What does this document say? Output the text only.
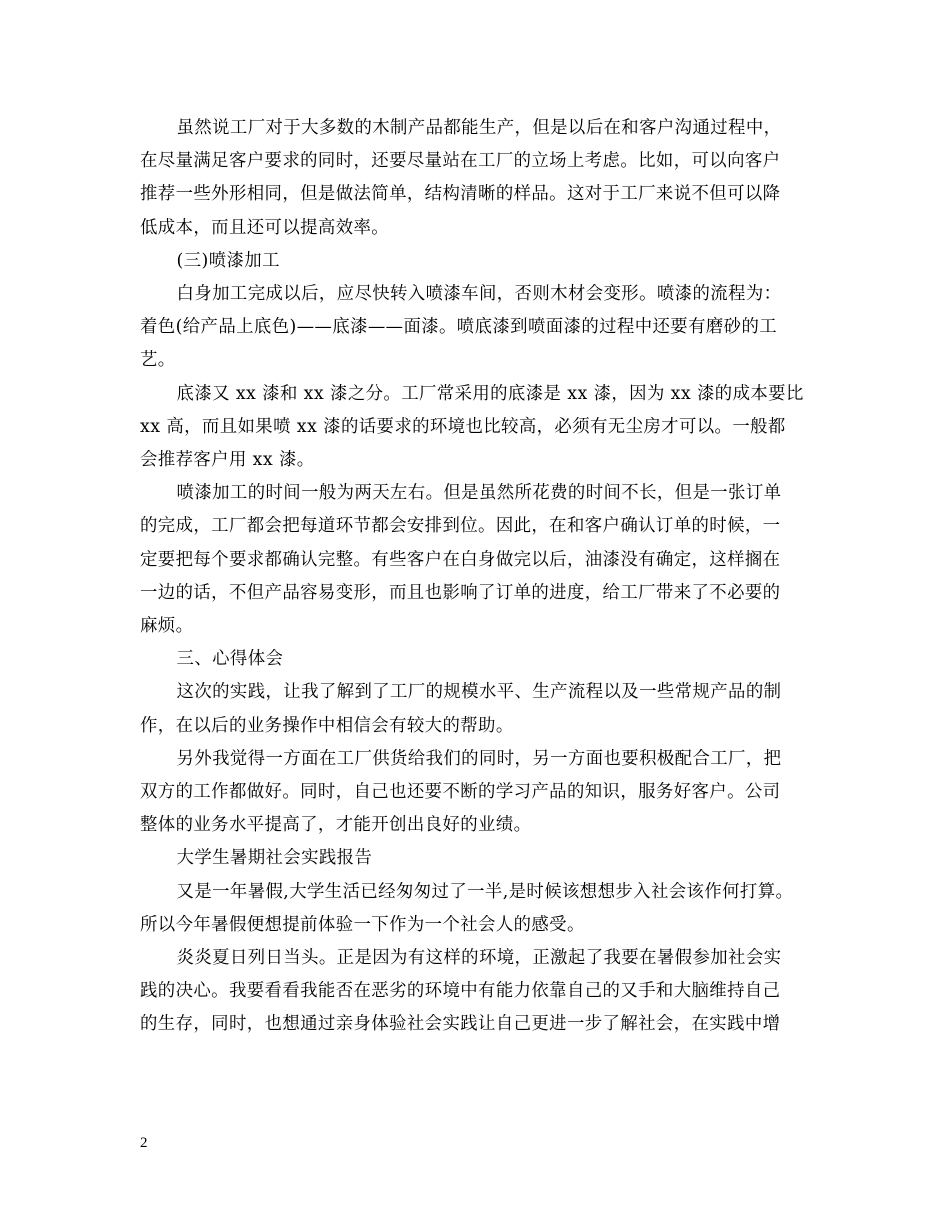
虽然说工厂对于大多数的木制产品都能生产，但是以后在和客户沟通过程中，
在尽量满足客户要求的同时，还要尽量站在工厂的立场上考虑。比如，可以向客户
推荐一些外形相同，但是做法简单，结构清晰的样品。这对于工厂来说不但可以降
低成本，而且还可以提高效率。

(三)喷漆加工

白身加工完成以后，应尽快转入喷漆车间，否则木材会变形。喷漆的流程为：
着色(给产品上底色)——底漆——面漆。喷底漆到喷面漆的过程中还要有磨砂的工
艺。

底漆又 xx 漆和 xx 漆之分。工厂常采用的底漆是 xx 漆，因为 xx 漆的成本要比
xx 高，而且如果喷 xx 漆的话要求的环境也比较高，必须有无尘房才可以。一般都
会推荐客户用 xx 漆。

喷漆加工的时间一般为两天左右。但是虽然所花费的时间不长，但是一张订单
的完成，工厂都会把每道环节都会安排到位。因此，在和客户确认订单的时候，一
定要把每个要求都确认完整。有些客户在白身做完以后，油漆没有确定，这样搁在
一边的话，不但产品容易变形，而且也影响了订单的进度，给工厂带来了不必要的
麻烦。

三、心得体会

这次的实践，让我了解到了工厂的规模水平、生产流程以及一些常规产品的制
作，在以后的业务操作中相信会有较大的帮助。

另外我觉得一方面在工厂供货给我们的同时，另一方面也要积极配合工厂，把
双方的工作都做好。同时，自己也还要不断的学习产品的知识，服务好客户。公司
整体的业务水平提高了，才能开创出良好的业绩。

大学生暑期社会实践报告

又是一年暑假,大学生活已经匆匆过了一半,是时候该想想步入社会该作何打算。
所以今年暑假便想提前体验一下作为一个社会人的感受。

炎炎夏日列日当头。正是因为有这样的环境，正激起了我要在暑假参加社会实
践的决心。我要看看我能否在恶劣的环境中有能力依靠自己的又手和大脑维持自己
的生存，同时，也想通过亲身体验社会实践让自己更进一步了解社会，在实践中增

2
